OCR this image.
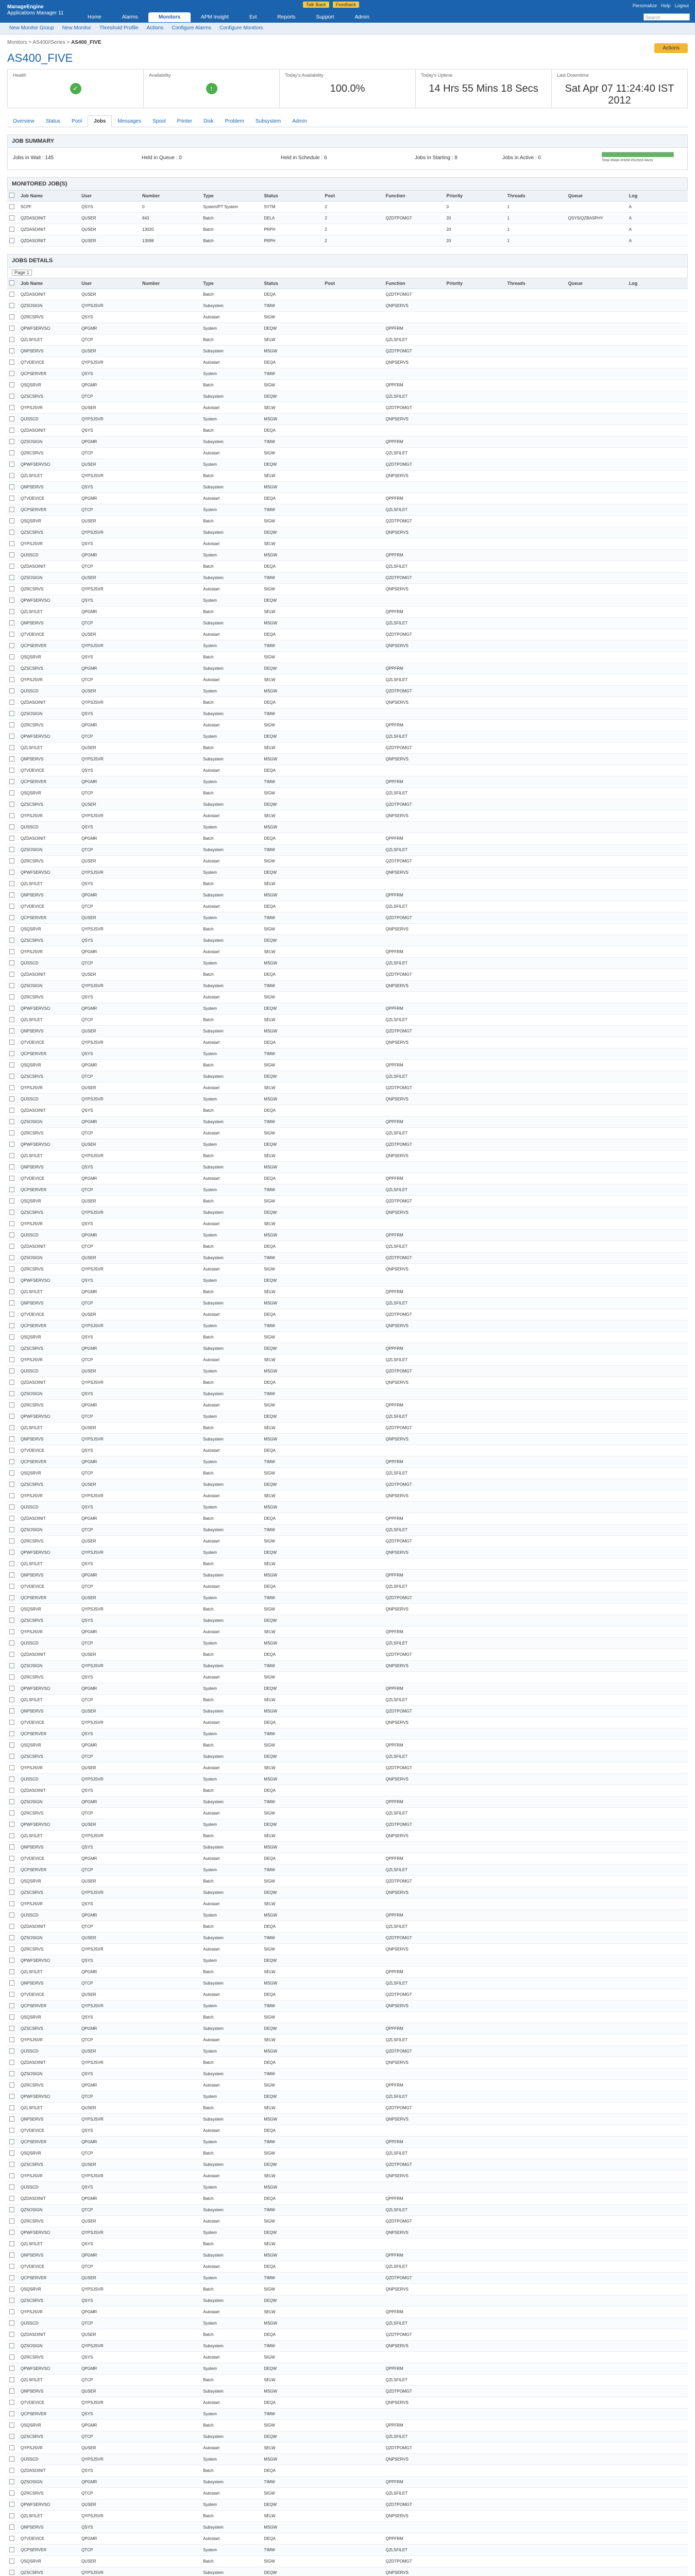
ManageEngine
Applications Manager 11
Talk Back Feedback	Personalize Help Logout
Search
Home	Alarms	Monitors	APM Insight	Ext	Reports	Support	Admin
New Monitor Group New Monitor Threshold Profile Actions Configure Alarms Configure Monitors
Monitors > AS400/iSeries > AS400_FIVE
AS400_FIVE
Actions
Health
✓
Availability
↑
Today's Availability
100.0%
Today's Uptime
14 Hrs 55 Mins 18 Secs
Last Dowmtime
Sat Apr 07 11:24:40 IST 2012
Overview Status Pool Jobs Messages Spool Printer Disk Problem Subsystem Admin
JOB SUMMARY
Jobs in Wait : 145	Held in Queue : 0	Held in Schedule : 6	Jobs in Starting : 8	Jobs in Active : 0	Total #Wait #Held #Sched #Actv
MONITORED JOB(S)
	Job Name	User	Number	Type	Status	Pool	Function	Priority	Threads	Queue	Log
	SCPF	QSYS	0	System/PT System	SYTM	2		0	1		A
	QZDASOINIT	QUSER	843	Batch	DELA	2	QZDTPOMGT	20	1	QSYS/QZBASPHY	A
	QZDASOINIT	QUSER	13020	Batch	PRPH	2		20	1		A
	QZDASOINIT	QUSER	13098	Batch	PRPH	2		20	1		A
JOBS DETAILS
Page 1
	Job Name	User	Number	Type	Status	Pool	Function	Priority	Threads	Queue	Log
	QZDASOINIT	QUSER		Batch	DEQA		QZDTPOMGT				
	QZSOSIGN	QYPSJSVR		Subsystem	TIMW		QNPSERVS				
	QZRCSRVS	QSYS		Autostart	SIGW						
	QPWFSERVSO	QPGMR		System	DEQW		QPPFRM				
	QZLSFILET	QTCP		Batch	SELW		QZLSFILET				
	QNPSERVS	QUSER		Subsystem	MSGW		QZDTPOMGT				
	QTVDEVICE	QYPSJSVR		Autostart	DEQA		QNPSERVS				
	QCPSERVER	QSYS		System	TIMW						
	QSQSRVR	QPGMR		Batch	SIGW		QPPFRM				
	QZSCSRVS	QTCP		Subsystem	DEQW		QZLSFILET				
	QYPSJSVR	QUSER		Autostart	SELW		QZDTPOMGT				
	QIJSSCD	QYPSJSVR		System	MSGW		QNPSERVS				
	QZDASOINIT	QSYS		Batch	DEQA						
	QZSOSIGN	QPGMR		Subsystem	TIMW		QPPFRM				
	QZRCSRVS	QTCP		Autostart	SIGW		QZLSFILET				
	QPWFSERVSO	QUSER		System	DEQW		QZDTPOMGT				
	QZLSFILET	QYPSJSVR		Batch	SELW		QNPSERVS				
	QNPSERVS	QSYS		Subsystem	MSGW						
	QTVDEVICE	QPGMR		Autostart	DEQA		QPPFRM				
	QCPSERVER	QTCP		System	TIMW		QZLSFILET				
	QSQSRVR	QUSER		Batch	SIGW		QZDTPOMGT				
	QZSCSRVS	QYPSJSVR		Subsystem	DEQW		QNPSERVS				
	QYPSJSVR	QSYS		Autostart	SELW						
	QIJSSCD	QPGMR		System	MSGW		QPPFRM				
	QZDASOINIT	QTCP		Batch	DEQA		QZLSFILET				
	QZSOSIGN	QUSER		Subsystem	TIMW		QZDTPOMGT				
	QZRCSRVS	QYPSJSVR		Autostart	SIGW		QNPSERVS				
	QPWFSERVSO	QSYS		System	DEQW						
	QZLSFILET	QPGMR		Batch	SELW		QPPFRM				
	QNPSERVS	QTCP		Subsystem	MSGW		QZLSFILET				
	QTVDEVICE	QUSER		Autostart	DEQA		QZDTPOMGT				
	QCPSERVER	QYPSJSVR		System	TIMW		QNPSERVS				
	QSQSRVR	QSYS		Batch	SIGW						
	QZSCSRVS	QPGMR		Subsystem	DEQW		QPPFRM				
	QYPSJSVR	QTCP		Autostart	SELW		QZLSFILET				
	QIJSSCD	QUSER		System	MSGW		QZDTPOMGT				
	QZDASOINIT	QYPSJSVR		Batch	DEQA		QNPSERVS				
	QZSOSIGN	QSYS		Subsystem	TIMW						
	QZRCSRVS	QPGMR		Autostart	SIGW		QPPFRM				
	QPWFSERVSO	QTCP		System	DEQW		QZLSFILET				
	QZLSFILET	QUSER		Batch	SELW		QZDTPOMGT				
	QNPSERVS	QYPSJSVR		Subsystem	MSGW		QNPSERVS				
	QTVDEVICE	QSYS		Autostart	DEQA						
	QCPSERVER	QPGMR		System	TIMW		QPPFRM				
	QSQSRVR	QTCP		Batch	SIGW		QZLSFILET				
	QZSCSRVS	QUSER		Subsystem	DEQW		QZDTPOMGT				
	QYPSJSVR	QYPSJSVR		Autostart	SELW		QNPSERVS				
	QIJSSCD	QSYS		System	MSGW						
	QZDASOINIT	QPGMR		Batch	DEQA		QPPFRM				
	QZSOSIGN	QTCP		Subsystem	TIMW		QZLSFILET				
	QZRCSRVS	QUSER		Autostart	SIGW		QZDTPOMGT				
	QPWFSERVSO	QYPSJSVR		System	DEQW		QNPSERVS				
	QZLSFILET	QSYS		Batch	SELW						
	QNPSERVS	QPGMR		Subsystem	MSGW		QPPFRM				
	QTVDEVICE	QTCP		Autostart	DEQA		QZLSFILET				
	QCPSERVER	QUSER		System	TIMW		QZDTPOMGT				
	QSQSRVR	QYPSJSVR		Batch	SIGW		QNPSERVS				
	QZSCSRVS	QSYS		Subsystem	DEQW						
	QYPSJSVR	QPGMR		Autostart	SELW		QPPFRM				
	QIJSSCD	QTCP		System	MSGW		QZLSFILET				
	QZDASOINIT	QUSER		Batch	DEQA		QZDTPOMGT				
	QZSOSIGN	QYPSJSVR		Subsystem	TIMW		QNPSERVS				
	QZRCSRVS	QSYS		Autostart	SIGW						
	QPWFSERVSO	QPGMR		System	DEQW		QPPFRM				
	QZLSFILET	QTCP		Batch	SELW		QZLSFILET				
	QNPSERVS	QUSER		Subsystem	MSGW		QZDTPOMGT				
	QTVDEVICE	QYPSJSVR		Autostart	DEQA		QNPSERVS				
	QCPSERVER	QSYS		System	TIMW						
	QSQSRVR	QPGMR		Batch	SIGW		QPPFRM				
	QZSCSRVS	QTCP		Subsystem	DEQW		QZLSFILET				
	QYPSJSVR	QUSER		Autostart	SELW		QZDTPOMGT				
	QIJSSCD	QYPSJSVR		System	MSGW		QNPSERVS				
	QZDASOINIT	QSYS		Batch	DEQA						
	QZSOSIGN	QPGMR		Subsystem	TIMW		QPPFRM				
	QZRCSRVS	QTCP		Autostart	SIGW		QZLSFILET				
	QPWFSERVSO	QUSER		System	DEQW		QZDTPOMGT				
	QZLSFILET	QYPSJSVR		Batch	SELW		QNPSERVS				
	QNPSERVS	QSYS		Subsystem	MSGW						
	QTVDEVICE	QPGMR		Autostart	DEQA		QPPFRM				
	QCPSERVER	QTCP		System	TIMW		QZLSFILET				
	QSQSRVR	QUSER		Batch	SIGW		QZDTPOMGT				
	QZSCSRVS	QYPSJSVR		Subsystem	DEQW		QNPSERVS				
	QYPSJSVR	QSYS		Autostart	SELW						
	QIJSSCD	QPGMR		System	MSGW		QPPFRM				
	QZDASOINIT	QTCP		Batch	DEQA		QZLSFILET				
	QZSOSIGN	QUSER		Subsystem	TIMW		QZDTPOMGT				
	QZRCSRVS	QYPSJSVR		Autostart	SIGW		QNPSERVS				
	QPWFSERVSO	QSYS		System	DEQW						
	QZLSFILET	QPGMR		Batch	SELW		QPPFRM				
	QNPSERVS	QTCP		Subsystem	MSGW		QZLSFILET				
	QTVDEVICE	QUSER		Autostart	DEQA		QZDTPOMGT				
	QCPSERVER	QYPSJSVR		System	TIMW		QNPSERVS				
	QSQSRVR	QSYS		Batch	SIGW						
	QZSCSRVS	QPGMR		Subsystem	DEQW		QPPFRM				
	QYPSJSVR	QTCP		Autostart	SELW		QZLSFILET				
	QIJSSCD	QUSER		System	MSGW		QZDTPOMGT				
	QZDASOINIT	QYPSJSVR		Batch	DEQA		QNPSERVS				
	QZSOSIGN	QSYS		Subsystem	TIMW						
	QZRCSRVS	QPGMR		Autostart	SIGW		QPPFRM				
	QPWFSERVSO	QTCP		System	DEQW		QZLSFILET				
	QZLSFILET	QUSER		Batch	SELW		QZDTPOMGT				
	QNPSERVS	QYPSJSVR		Subsystem	MSGW		QNPSERVS				
	QTVDEVICE	QSYS		Autostart	DEQA						
	QCPSERVER	QPGMR		System	TIMW		QPPFRM				
	QSQSRVR	QTCP		Batch	SIGW		QZLSFILET				
	QZSCSRVS	QUSER		Subsystem	DEQW		QZDTPOMGT				
	QYPSJSVR	QYPSJSVR		Autostart	SELW		QNPSERVS				
	QIJSSCD	QSYS		System	MSGW						
	QZDASOINIT	QPGMR		Batch	DEQA		QPPFRM				
	QZSOSIGN	QTCP		Subsystem	TIMW		QZLSFILET				
	QZRCSRVS	QUSER		Autostart	SIGW		QZDTPOMGT				
	QPWFSERVSO	QYPSJSVR		System	DEQW		QNPSERVS				
	QZLSFILET	QSYS		Batch	SELW						
	QNPSERVS	QPGMR		Subsystem	MSGW		QPPFRM				
	QTVDEVICE	QTCP		Autostart	DEQA		QZLSFILET				
	QCPSERVER	QUSER		System	TIMW		QZDTPOMGT				
	QSQSRVR	QYPSJSVR		Batch	SIGW		QNPSERVS				
	QZSCSRVS	QSYS		Subsystem	DEQW						
	QYPSJSVR	QPGMR		Autostart	SELW		QPPFRM				
	QIJSSCD	QTCP		System	MSGW		QZLSFILET				
	QZDASOINIT	QUSER		Batch	DEQA		QZDTPOMGT				
	QZSOSIGN	QYPSJSVR		Subsystem	TIMW		QNPSERVS				
	QZRCSRVS	QSYS		Autostart	SIGW						
	QPWFSERVSO	QPGMR		System	DEQW		QPPFRM				
	QZLSFILET	QTCP		Batch	SELW		QZLSFILET				
	QNPSERVS	QUSER		Subsystem	MSGW		QZDTPOMGT				
	QTVDEVICE	QYPSJSVR		Autostart	DEQA		QNPSERVS				
	QCPSERVER	QSYS		System	TIMW						
	QSQSRVR	QPGMR		Batch	SIGW		QPPFRM				
	QZSCSRVS	QTCP		Subsystem	DEQW		QZLSFILET				
	QYPSJSVR	QUSER		Autostart	SELW		QZDTPOMGT				
	QIJSSCD	QYPSJSVR		System	MSGW		QNPSERVS				
	QZDASOINIT	QSYS		Batch	DEQA						
	QZSOSIGN	QPGMR		Subsystem	TIMW		QPPFRM				
	QZRCSRVS	QTCP		Autostart	SIGW		QZLSFILET				
	QPWFSERVSO	QUSER		System	DEQW		QZDTPOMGT				
	QZLSFILET	QYPSJSVR		Batch	SELW		QNPSERVS				
	QNPSERVS	QSYS		Subsystem	MSGW						
	QTVDEVICE	QPGMR		Autostart	DEQA		QPPFRM				
	QCPSERVER	QTCP		System	TIMW		QZLSFILET				
	QSQSRVR	QUSER		Batch	SIGW		QZDTPOMGT				
	QZSCSRVS	QYPSJSVR		Subsystem	DEQW		QNPSERVS				
	QYPSJSVR	QSYS		Autostart	SELW						
	QIJSSCD	QPGMR		System	MSGW		QPPFRM				
	QZDASOINIT	QTCP		Batch	DEQA		QZLSFILET				
	QZSOSIGN	QUSER		Subsystem	TIMW		QZDTPOMGT				
	QZRCSRVS	QYPSJSVR		Autostart	SIGW		QNPSERVS				
	QPWFSERVSO	QSYS		System	DEQW						
	QZLSFILET	QPGMR		Batch	SELW		QPPFRM				
	QNPSERVS	QTCP		Subsystem	MSGW		QZLSFILET				
	QTVDEVICE	QUSER		Autostart	DEQA		QZDTPOMGT				
	QCPSERVER	QYPSJSVR		System	TIMW		QNPSERVS				
	QSQSRVR	QSYS		Batch	SIGW						
	QZSCSRVS	QPGMR		Subsystem	DEQW		QPPFRM				
	QYPSJSVR	QTCP		Autostart	SELW		QZLSFILET				
	QIJSSCD	QUSER		System	MSGW		QZDTPOMGT				
	QZDASOINIT	QYPSJSVR		Batch	DEQA		QNPSERVS				
	QZSOSIGN	QSYS		Subsystem	TIMW						
	QZRCSRVS	QPGMR		Autostart	SIGW		QPPFRM				
	QPWFSERVSO	QTCP		System	DEQW		QZLSFILET				
	QZLSFILET	QUSER		Batch	SELW		QZDTPOMGT				
	QNPSERVS	QYPSJSVR		Subsystem	MSGW		QNPSERVS				
	QTVDEVICE	QSYS		Autostart	DEQA						
	QCPSERVER	QPGMR		System	TIMW		QPPFRM				
	QSQSRVR	QTCP		Batch	SIGW		QZLSFILET				
	QZSCSRVS	QUSER		Subsystem	DEQW		QZDTPOMGT				
	QYPSJSVR	QYPSJSVR		Autostart	SELW		QNPSERVS				
	QIJSSCD	QSYS		System	MSGW						
	QZDASOINIT	QPGMR		Batch	DEQA		QPPFRM				
	QZSOSIGN	QTCP		Subsystem	TIMW		QZLSFILET				
	QZRCSRVS	QUSER		Autostart	SIGW		QZDTPOMGT				
	QPWFSERVSO	QYPSJSVR		System	DEQW		QNPSERVS				
	QZLSFILET	QSYS		Batch	SELW						
	QNPSERVS	QPGMR		Subsystem	MSGW		QPPFRM				
	QTVDEVICE	QTCP		Autostart	DEQA		QZLSFILET				
	QCPSERVER	QUSER		System	TIMW		QZDTPOMGT				
	QSQSRVR	QYPSJSVR		Batch	SIGW		QNPSERVS				
	QZSCSRVS	QSYS		Subsystem	DEQW						
	QYPSJSVR	QPGMR		Autostart	SELW		QPPFRM				
	QIJSSCD	QTCP		System	MSGW		QZLSFILET				
	QZDASOINIT	QUSER		Batch	DEQA		QZDTPOMGT				
	QZSOSIGN	QYPSJSVR		Subsystem	TIMW		QNPSERVS				
	QZRCSRVS	QSYS		Autostart	SIGW						
	QPWFSERVSO	QPGMR		System	DEQW		QPPFRM				
	QZLSFILET	QTCP		Batch	SELW		QZLSFILET				
	QNPSERVS	QUSER		Subsystem	MSGW		QZDTPOMGT				
	QTVDEVICE	QYPSJSVR		Autostart	DEQA		QNPSERVS				
	QCPSERVER	QSYS		System	TIMW						
	QSQSRVR	QPGMR		Batch	SIGW		QPPFRM				
	QZSCSRVS	QTCP		Subsystem	DEQW		QZLSFILET				
	QYPSJSVR	QUSER		Autostart	SELW		QZDTPOMGT				
	QIJSSCD	QYPSJSVR		System	MSGW		QNPSERVS				
	QZDASOINIT	QSYS		Batch	DEQA						
	QZSOSIGN	QPGMR		Subsystem	TIMW		QPPFRM				
	QZRCSRVS	QTCP		Autostart	SIGW		QZLSFILET				
	QPWFSERVSO	QUSER		System	DEQW		QZDTPOMGT				
	QZLSFILET	QYPSJSVR		Batch	SELW		QNPSERVS				
	QNPSERVS	QSYS		Subsystem	MSGW						
	QTVDEVICE	QPGMR		Autostart	DEQA		QPPFRM				
	QCPSERVER	QTCP		System	TIMW		QZLSFILET				
	QSQSRVR	QUSER		Batch	SIGW		QZDTPOMGT				
	QZSCSRVS	QYPSJSVR		Subsystem	DEQW		QNPSERVS				
